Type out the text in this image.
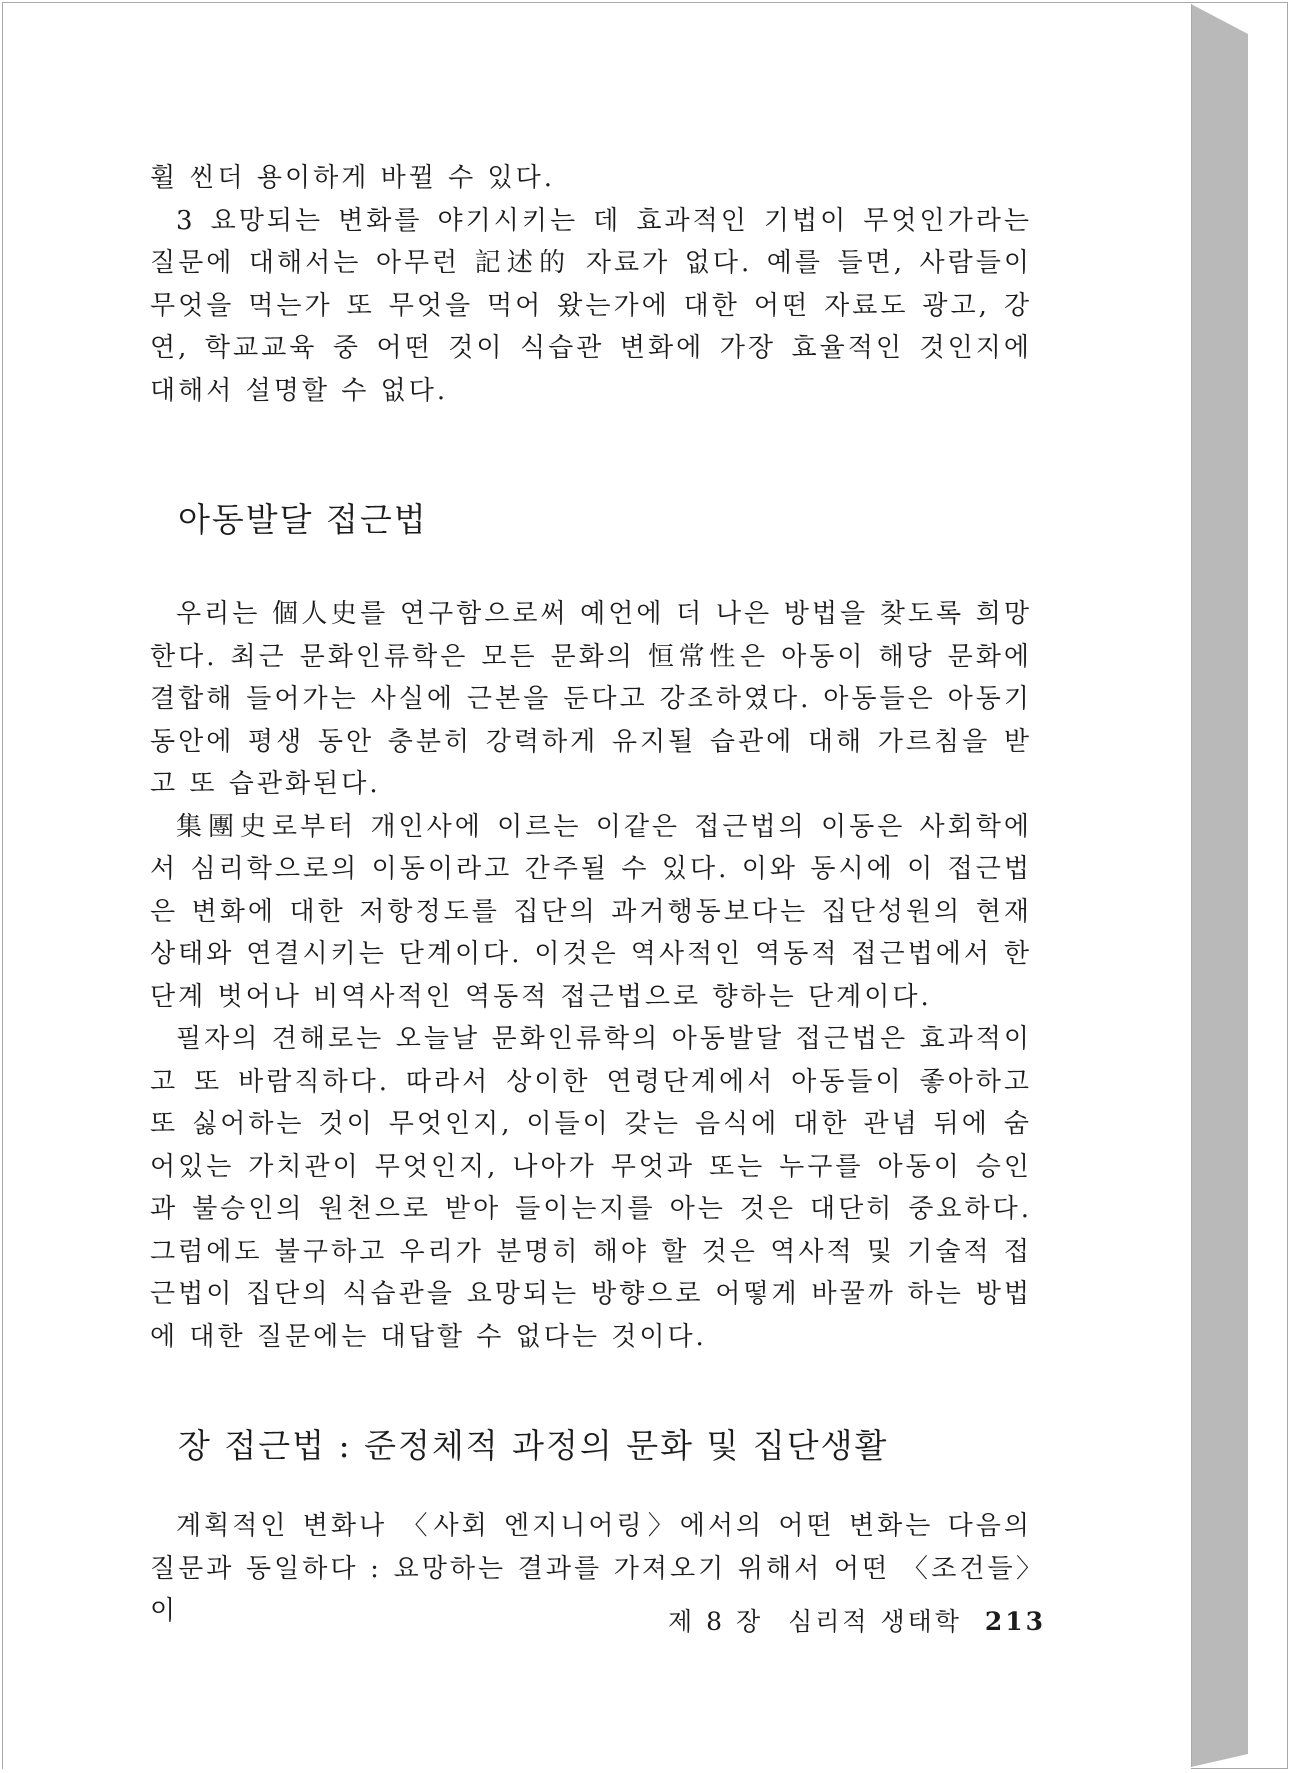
휠 씬더 용이하게 바뀔 수 있다.

3 요망되는 변화를 야기시키는 데 효과적인 기법이 무엇인가라는 질문에 대해서는 아무런 記述的 자료가 없다. 예를 들면, 사람들이 무엇을 먹는가 또 무엇을 먹어 왔는가에 대한 어떤 자료도 광고, 강연, 학교교육 중 어떤 것이 식습관 변화에 가장 효율적인 것인지에 대해서 설명할 수 없다.

아동발달 접근법

우리는 個人史를 연구함으로써 예언에 더 나은 방법을 찾도록 희망한다. 최근 문화인류학은 모든 문화의 恒常性은 아동이 해당 문화에 결합해 들어가는 사실에 근본을 둔다고 강조하였다. 아동들은 아동기 동안에 평생 동안 충분히 강력하게 유지될 습관에 대해 가르침을 받고 또 습관화된다.

集團史로부터 개인사에 이르는 이같은 접근법의 이동은 사회학에서 심리학으로의 이동이라고 간주될 수 있다. 이와 동시에 이 접근법은 변화에 대한 저항정도를 집단의 과거행동보다는 집단성원의 현재상태와 연결시키는 단계이다. 이것은 역사적인 역동적 접근법에서 한 단계 벗어나 비역사적인 역동적 접근법으로 향하는 단계이다.

필자의 견해로는 오늘날 문화인류학의 아동발달 접근법은 효과적이고 또 바람직하다. 따라서 상이한 연령단계에서 아동들이 좋아하고 또 싫어하는 것이 무엇인지, 이들이 갖는 음식에 대한 관념 뒤에 숨어있는 가치관이 무엇인지, 나아가 무엇과 또는 누구를 아동이 승인과 불승인의 원천으로 받아 들이는지를 아는 것은 대단히 중요하다. 그럼에도 불구하고 우리가 분명히 해야 할 것은 역사적 및 기술적 접근법이 집단의 식습관을 요망되는 방향으로 어떻게 바꿀까 하는 방법에 대한 질문에는 대답할 수 없다는 것이다.

장 접근법 : 준정체적 과정의 문화 및 집단생활

계획적인 변화나 〈사회 엔지니어링〉에서의 어떤 변화는 다음의 질문과 동일하다 : 요망하는 결과를 가져오기 위해서 어떤 〈조건들〉이	제 8 장 심리적 생태학 213
